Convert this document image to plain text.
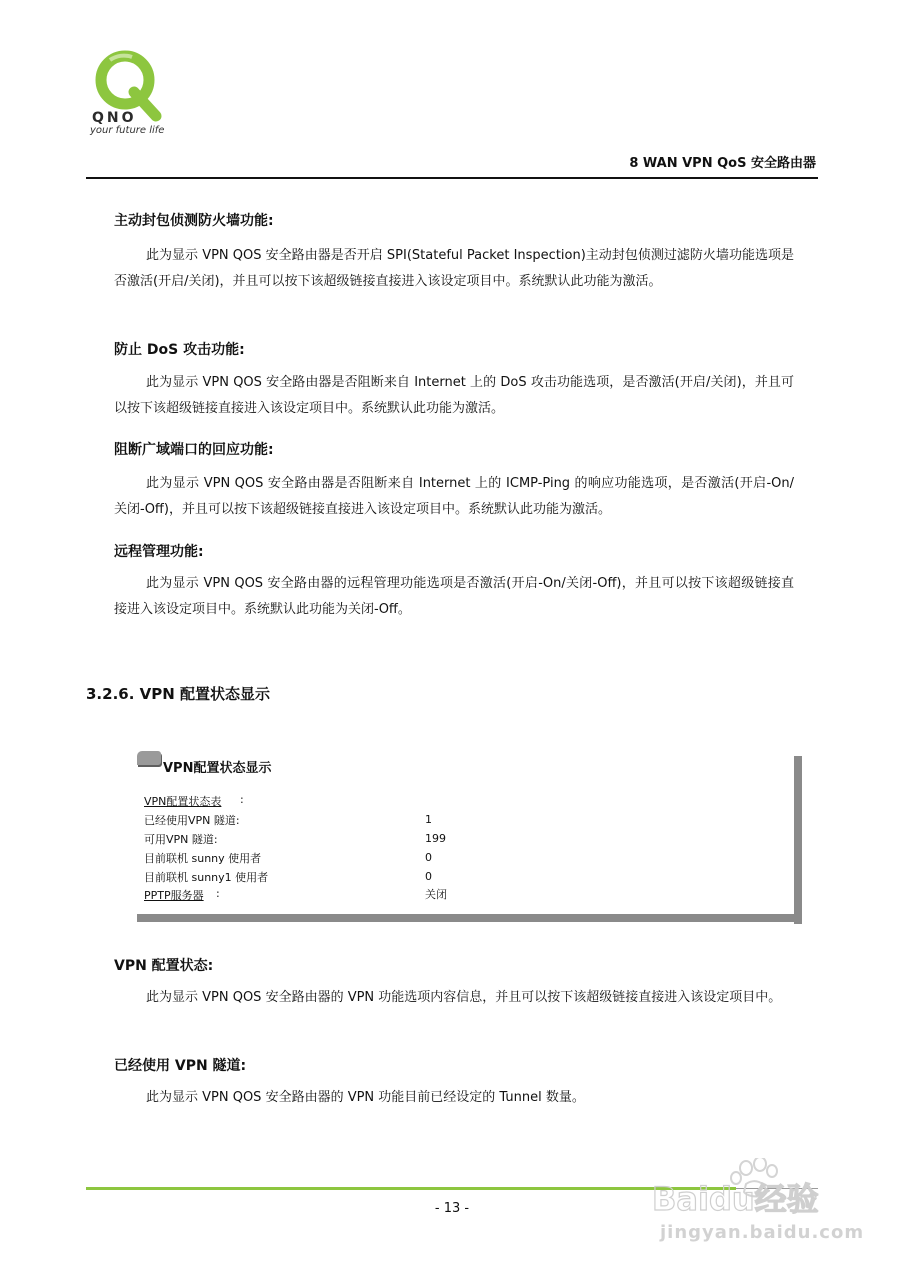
QNO
your future life
8 WAN VPN QoS 安全路由器
主动封包侦测防火墙功能:

此为显示 VPN QOS 安全路由器是否开启 SPI(Stateful Packet Inspection)主动封包侦测过滤防火墙功能选项是否激活(开启/关闭)，并且可以按下该超级链接直接进入该设定项目中。系统默认此功能为激活。

防止 DoS 攻击功能:

此为显示 VPN QOS 安全路由器是否阻断来自 Internet 上的 DoS 攻击功能选项，是否激活(开启/关闭)，并且可以按下该超级链接直接进入该设定项目中。系统默认此功能为激活。

阻断广域端口的回应功能:

此为显示 VPN QOS 安全路由器是否阻断来自 Internet 上的 ICMP-Ping 的响应功能选项，是否激活(开启-On/关闭-Off)，并且可以按下该超级链接直接进入该设定项目中。系统默认此功能为激活。

远程管理功能:

此为显示 VPN QOS 安全路由器的远程管理功能选项是否激活(开启-On/关闭-Off)，并且可以按下该超级链接直接进入该设定项目中。系统默认此功能为关闭-Off。

3.2.6. VPN 配置状态显示
VPN配置状态显示
VPN配置状态表 :
已经使用VPN 隧道:	1
可用VPN 隧道:	199
目前联机 sunny 使用者	0
目前联机 sunny1 使用者	0
PPTP服务器 :	关闭
VPN 配置状态:

此为显示 VPN QOS 安全路由器的 VPN 功能选项内容信息，并且可以按下该超级链接直接进入该设定项目中。

已经使用 VPN 隧道:

此为显示 VPN QOS 安全路由器的 VPN 功能目前已经设定的 Tunnel 数量。

- 13 -	Baidu经验
jingyan.baidu.com
